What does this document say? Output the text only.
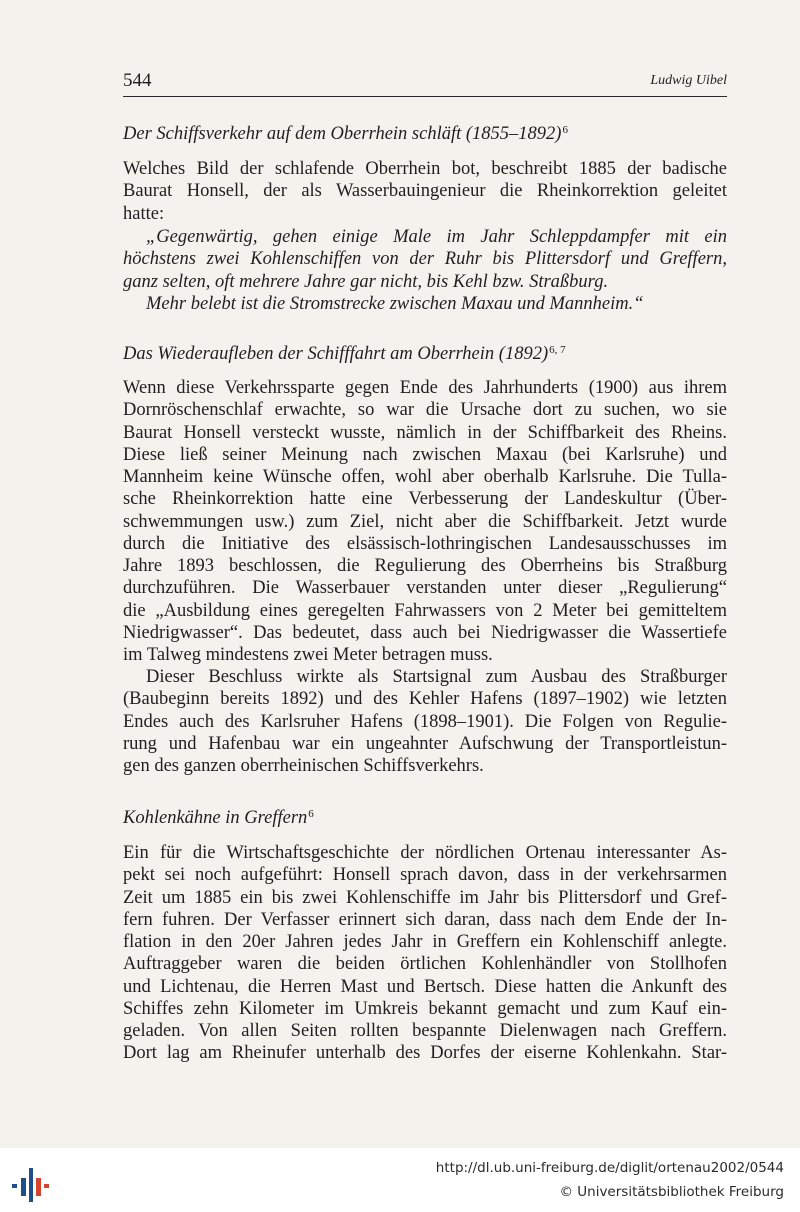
544	Ludwig Uibel
Der Schiffsverkehr auf dem Oberrhein schläft (1855–1892)$^6$
Welches Bild der schlafende Oberrhein bot, beschreibt 1885 der badische
Baurat Honsell, der als Wasserbauingenieur die Rheinkorrektion geleitet
hatte:
„Gegenwärtig, gehen einige Male im Jahr Schleppdampfer mit ein
höchstens zwei Kohlenschiffen von der Ruhr bis Plittersdorf und Greffern,
ganz selten, oft mehrere Jahre gar nicht, bis Kehl bzw. Straßburg.
Mehr belebt ist die Stromstrecke zwischen Maxau und Mannheim.“
Das Wiederaufleben der Schifffahrt am Oberrhein $(1892)^{6, 7}$
Wenn diese Verkehrssparte gegen Ende des Jahrhunderts (1900) aus ihrem
Dornröschenschlaf erwachte, so war die Ursache dort zu suchen, wo sie
Baurat Honsell versteckt wusste, nämlich in der Schiffbarkeit des Rheins.
Diese ließ seiner Meinung nach zwischen Maxau (bei Karlsruhe) und
Mannheim keine Wünsche offen, wohl aber oberhalb Karlsruhe. Die Tulla-
sche Rheinkorrektion hatte eine Verbesserung der Landeskultur (Über-
schwemmungen usw.) zum Ziel, nicht aber die Schiffbarkeit. Jetzt wurde
durch die Initiative des elsässisch-lothringischen Landesausschusses im
Jahre 1893 beschlossen, die Regulierung des Oberrheins bis Straßburg
durchzuführen. Die Wasserbauer verstanden unter dieser „Regulierung“
die „Ausbildung eines geregelten Fahrwassers von 2 Meter bei gemitteltem
Niedrigwasser“. Das bedeutet, dass auch bei Niedrigwasser die Wassertiefe
im Talweg mindestens zwei Meter betragen muss.
Dieser Beschluss wirkte als Startsignal zum Ausbau des Straßburger
(Baubeginn bereits 1892) und des Kehler Hafens (1897–1902) wie letzten
Endes auch des Karlsruher Hafens (1898–1901). Die Folgen von Regulie-
rung und Hafenbau war ein ungeahnter Aufschwung der Transportleistun-
gen des ganzen oberrheinischen Schiffsverkehrs.
Kohlenkähne in Greffern$^6$
Ein für die Wirtschaftsgeschichte der nördlichen Ortenau interessanter As-
pekt sei noch aufgeführt: Honsell sprach davon, dass in der verkehrsarmen
Zeit um 1885 ein bis zwei Kohlenschiffe im Jahr bis Plittersdorf und Gref-
fern fuhren. Der Verfasser erinnert sich daran, dass nach dem Ende der In-
flation in den 20er Jahren jedes Jahr in Greffern ein Kohlenschiff anlegte.
Auftraggeber waren die beiden örtlichen Kohlenhändler von Stollhofen
und Lichtenau, die Herren Mast und Bertsch. Diese hatten die Ankunft des
Schiffes zehn Kilometer im Umkreis bekannt gemacht und zum Kauf ein-
geladen. Von allen Seiten rollten bespannte Dielenwagen nach Greffern.
Dort lag am Rheinufer unterhalb des Dorfes der eiserne Kohlenkahn. Star-
http://dl.ub.uni-freiburg.de/diglit/ortenau2002/0544
© Universitätsbibliothek Freiburg
